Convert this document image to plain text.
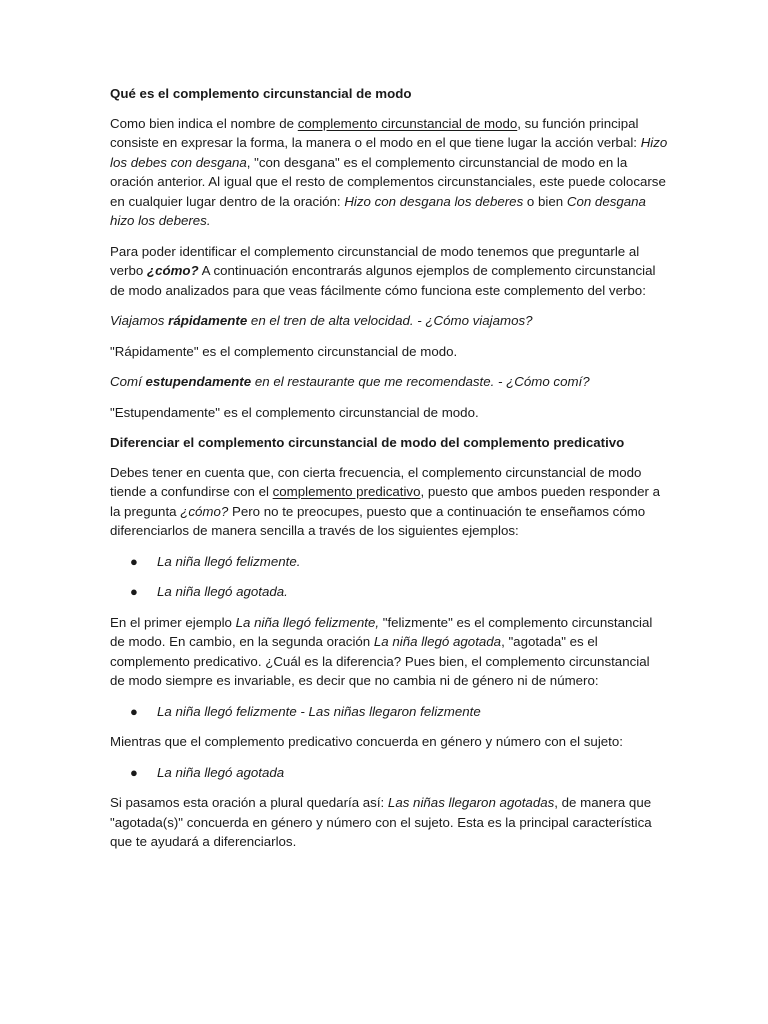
Qué es el complemento circunstancial de modo

Como bien indica el nombre de complemento circunstancial de modo, su función principal consiste en expresar la forma, la manera o el modo en el que tiene lugar la acción verbal: Hizo los debes con desgana, "con desgana" es el complemento circunstancial de modo en la oración anterior. Al igual que el resto de complementos circunstanciales, este puede colocarse en cualquier lugar dentro de la oración: Hizo con desgana los deberes o bien Con desgana hizo los deberes.

Para poder identificar el complemento circunstancial de modo tenemos que preguntarle al verbo ¿cómo? A continuación encontrarás algunos ejemplos de complemento circunstancial de modo analizados para que veas fácilmente cómo funciona este complemento del verbo:

Viajamos rápidamente en el tren de alta velocidad. - ¿Cómo viajamos?

"Rápidamente" es el complemento circunstancial de modo.

Comí estupendamente en el restaurante que me recomendaste. - ¿Cómo comí?

"Estupendamente" es el complemento circunstancial de modo.

Diferenciar el complemento circunstancial de modo del complemento predicativo

Debes tener en cuenta que, con cierta frecuencia, el complemento circunstancial de modo tiende a confundirse con el complemento predicativo, puesto que ambos pueden responder a la pregunta ¿cómo? Pero no te preocupes, puesto que a continuación te enseñamos cómo diferenciarlos de manera sencilla a través de los siguientes ejemplos:

● La niña llegó felizmente.
● La niña llegó agotada.

En el primer ejemplo La niña llegó felizmente, "felizmente" es el complemento circunstancial de modo. En cambio, en la segunda oración La niña llegó agotada, "agotada" es el complemento predicativo. ¿Cuál es la diferencia? Pues bien, el complemento circunstancial de modo siempre es invariable, es decir que no cambia ni de género ni de número:

● La niña llegó felizmente - Las niñas llegaron felizmente

Mientras que el complemento predicativo concuerda en género y número con el sujeto:

● La niña llegó agotada

Si pasamos esta oración a plural quedaría así: Las niñas llegaron agotadas, de manera que "agotada(s)" concuerda en género y número con el sujeto. Esta es la principal característica que te ayudará a diferenciarlos.
